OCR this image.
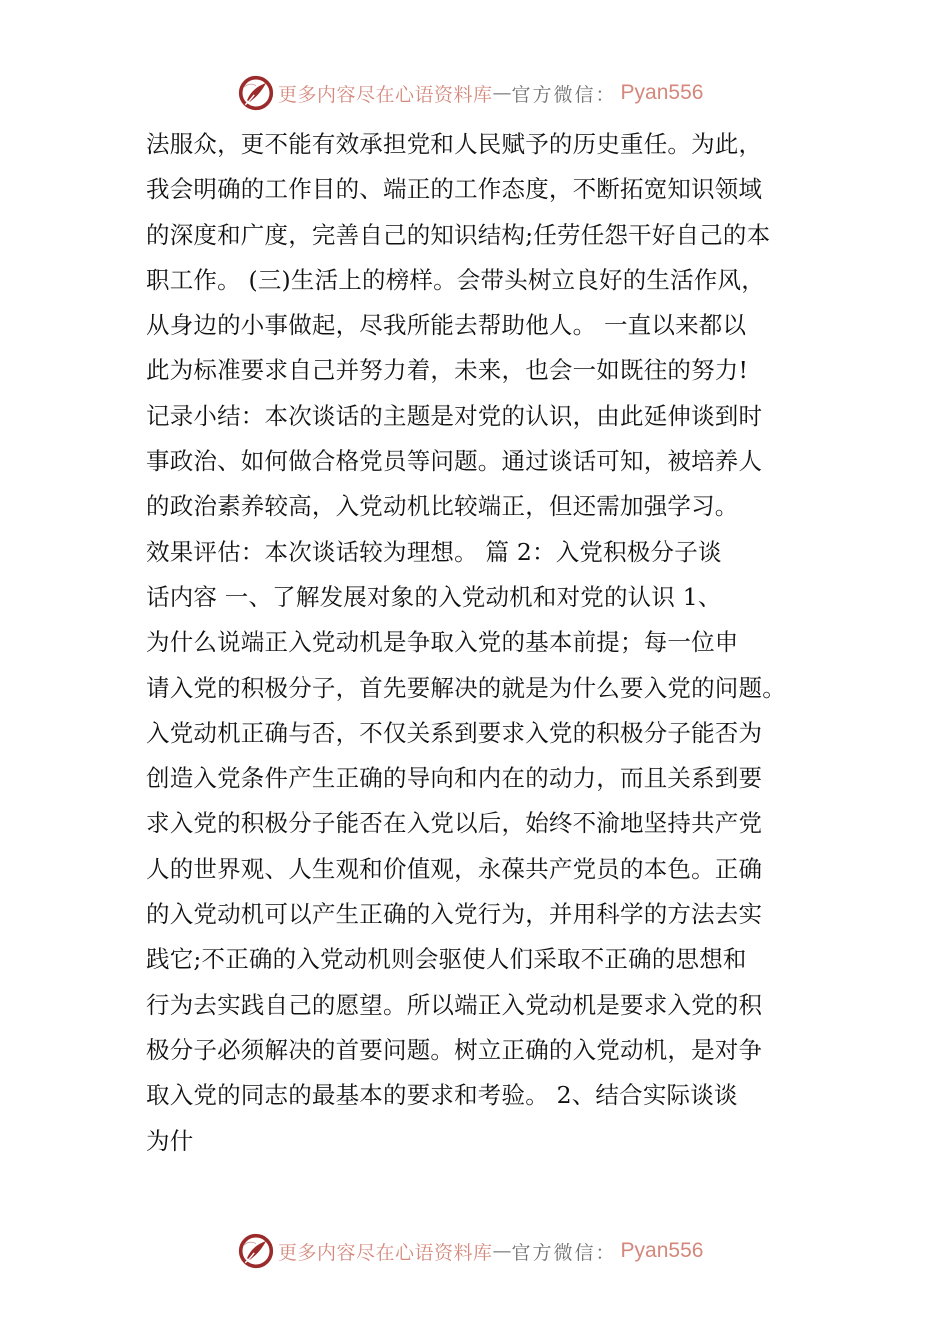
更多内容尽在心语资料库 — 官方微信： Pyan556
法服众，更不能有效承担党和人民赋予的历史重任。为此，
我会明确的工作目的、端正的工作态度，不断拓宽知识领域
的深度和广度，完善自己的知识结构;任劳任怨干好自己的本
职工作。 (三)生活上的榜样。会带头树立良好的生活作风，
从身边的小事做起，尽我所能去帮助他人。 一直以来都以
此为标准要求自己并努力着，未来，也会一如既往的努力!
记录小结：本次谈话的主题是对党的认识，由此延伸谈到时
事政治、如何做合格党员等问题。通过谈话可知，被培养人
的政治素养较高，入党动机比较端正，但还需加强学习。
效果评估：本次谈话较为理想。 篇 2：入党积极分子谈
话内容 一、了解发展对象的入党动机和对党的认识 1、
为什么说端正入党动机是争取入党的基本前提；每一位申
请入党的积极分子，首先要解决的就是为什么要入党的问题。
入党动机正确与否，不仅关系到要求入党的积极分子能否为
创造入党条件产生正确的导向和内在的动力，而且关系到要
求入党的积极分子能否在入党以后，始终不渝地坚持共产党
人的世界观、人生观和价值观，永葆共产党员的本色。正确
的入党动机可以产生正确的入党行为，并用科学的方法去实
践它;不正确的入党动机则会驱使人们采取不正确的思想和
行为去实践自己的愿望。所以端正入党动机是要求入党的积
极分子必须解决的首要问题。树立正确的入党动机，是对争
取入党的同志的最基本的要求和考验。 2、结合实际谈谈
为什
更多内容尽在心语资料库 — 官方微信： Pyan556
